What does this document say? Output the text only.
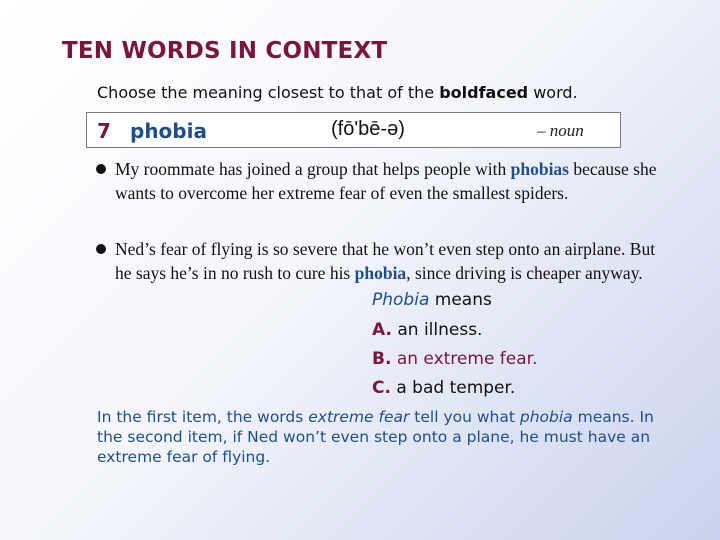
TEN WORDS IN CONTEXT
Choose the meaning closest to that of the boldfaced word.
7 phobia	(fō'bē-ə)	– noun
My roommate has joined a group that helps people with phobias because she wants to overcome her extreme fear of even the smallest spiders.
Ned’s fear of flying is so severe that he won’t even step onto an airplane. But he says he’s in no rush to cure his phobia, since driving is cheaper anyway.
Phobia means
A. an illness.
B. an extreme fear.
C. a bad temper.
In the first item, the words extreme fear tell you what phobia means. In the second item, if Ned won’t even step onto a plane, he must have an extreme fear of flying.
